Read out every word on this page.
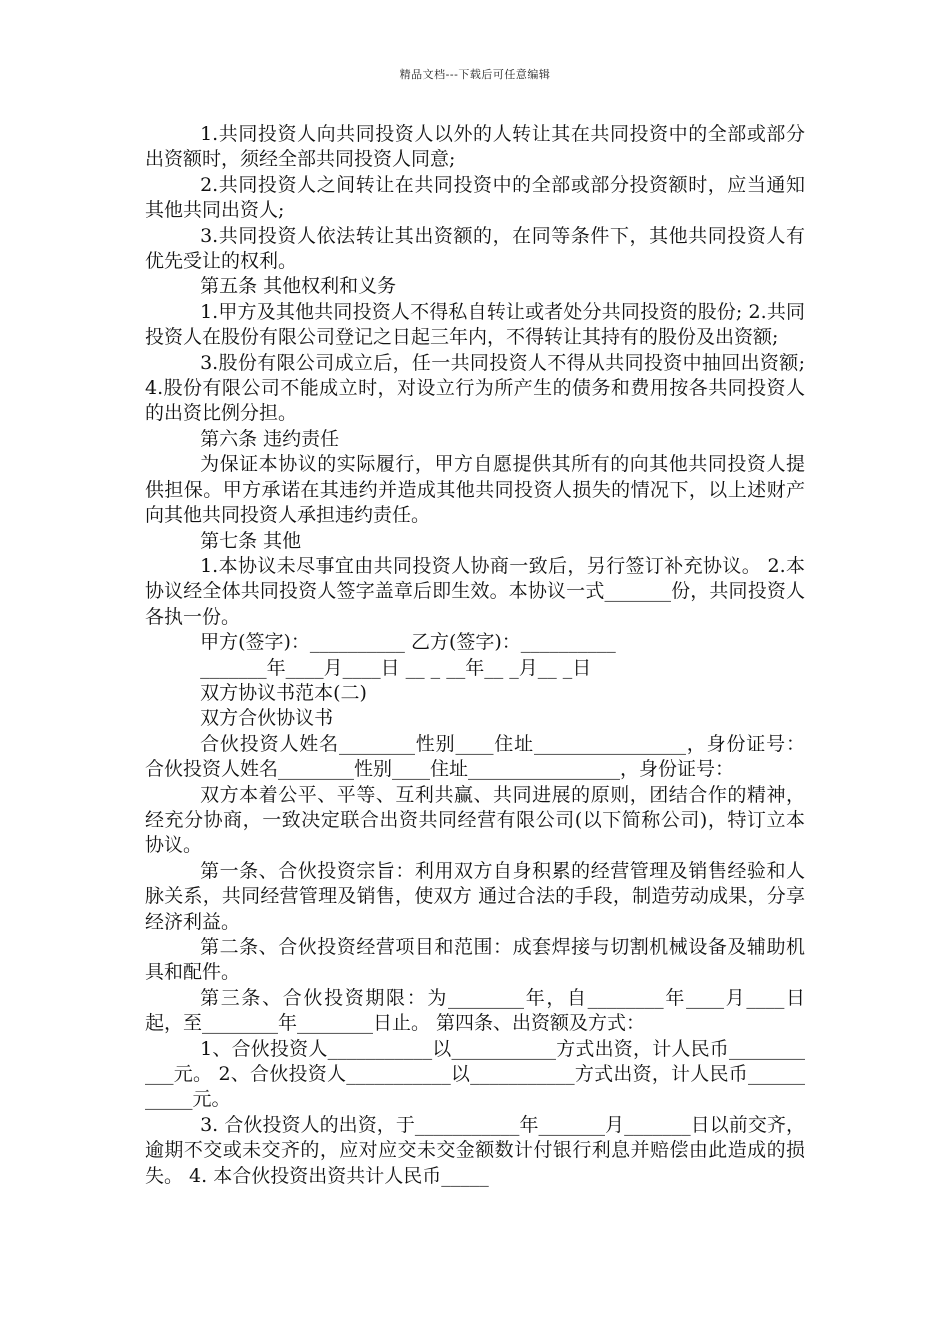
精品文档---下载后可任意编辑

1.共同投资人向共同投资人以外的人转让其在共同投资中的全部或部分出资额时，须经全部共同投资人同意;

2.共同投资人之间转让在共同投资中的全部或部分投资额时，应当通知其他共同出资人;

3.共同投资人依法转让其出资额的，在同等条件下，其他共同投资人有优先受让的权利。

第五条 其他权利和义务

1.甲方及其他共同投资人不得私自转让或者处分共同投资的股份; 2.共同投资人在股份有限公司登记之日起三年内，不得转让其持有的股份及出资额;

3.股份有限公司成立后，任一共同投资人不得从共同投资中抽回出资额; 4.股份有限公司不能成立时，对设立行为所产生的债务和费用按各共同投资人的出资比例分担。

第六条 违约责任

为保证本协议的实际履行，甲方自愿提供其所有的向其他共同投资人提供担保。甲方承诺在其违约并造成其他共同投资人损失的情况下，以上述财产向其他共同投资人承担违约责任。

第七条 其他

1.本协议未尽事宜由共同投资人协商一致后，另行签订补充协议。 2.本协议经全体共同投资人签字盖章后即生效。本协议一式_______份，共同投资人各执一份。

甲方(签字)：__________ 乙方(签字)：__________

_______年____月____日 __ _ __年__ _月__ _日

双方协议书范本(二)

双方合伙协议书

合伙投资人姓名________性别____住址________________，身份证号： 合伙投资人姓名________性别____住址________________，身份证号：

双方本着公平、平等、互利共赢、共同进展的原则，团结合作的精神，经充分协商，一致决定联合出资共同经营有限公司(以下简称公司)，特订立本协议。

第一条、合伙投资宗旨：利用双方自身积累的经营管理及销售经验和人脉关系，共同经营管理及销售，使双方 通过合法的手段，制造劳动成果，分享经济利益。

第二条、合伙投资经营项目和范围：成套焊接与切割机械设备及辅助机具和配件。

第三条、合伙投资期限：为________年，自________年____月____日起，至________年________日止。 第四条、出资额及方式：

1、合伙投资人___________以___________方式出资，计人民币___________元。 2、合伙投资人___________以___________方式出资，计人民币___________元。

3. 合伙投资人的出资，于___________年_______月_______日以前交齐，逾期不交或未交齐的，应对应交未交金额数计付银行利息并赔偿由此造成的损失。 4. 本合伙投资出资共计人民币_____
